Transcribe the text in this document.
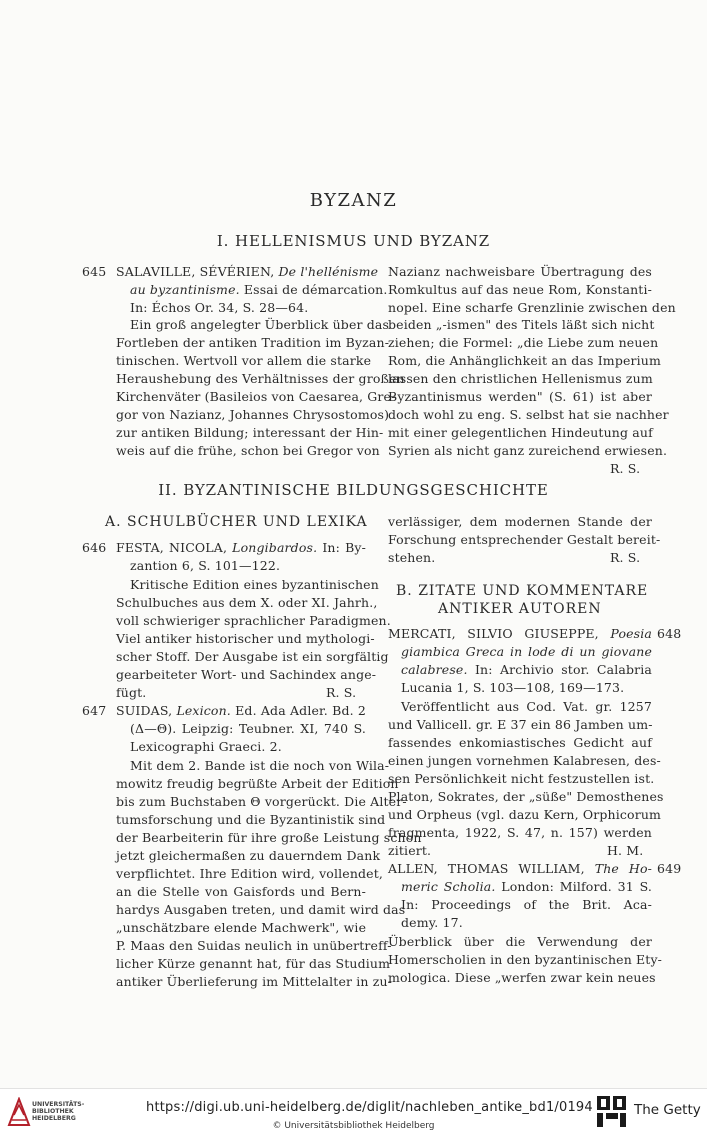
BYZANZ
I. HELLENISMUS UND BYZANZ
645 SALAVILLE, SÉVÉRIEN, De l'hellénisme
au byzantinisme. Essai de démarcation.
In: Échos Or. 34, S. 28—64.
Ein groß angelegter Überblick über das
Fortleben der antiken Tradition im Byzan-
tinischen. Wertvoll vor allem die starke
Heraushebung des Verhältnisses der großen
Kirchenväter (Basileios von Caesarea, Gre-
gor von Nazianz, Johannes Chrysostomos)
zur antiken Bildung; interessant der Hin-
weis auf die frühe, schon bei Gregor von
Nazianz nachweisbare Übertragung des
Romkultus auf das neue Rom, Konstanti-
nopel. Eine scharfe Grenzlinie zwischen den
beiden „-ismen" des Titels läßt sich nicht
ziehen; die Formel: „die Liebe zum neuen
Rom, die Anhänglichkeit an das Imperium
lassen den christlichen Hellenismus zum
Byzantinismus werden" (S. 61) ist aber
doch wohl zu eng. S. selbst hat sie nachher
mit einer gelegentlichen Hindeutung auf
Syrien als nicht ganz zureichend erwiesen.
R. S.
II. BYZANTINISCHE BILDUNGSGESCHICHTE
A. SCHULBÜCHER UND LEXIKA
646 FESTA, NICOLA, Longibardos. In: By-
zantion 6, S. 101—122.
Kritische Edition eines byzantinischen
Schulbuches aus dem X. oder XI. Jahrh.,
voll schwieriger sprachlicher Paradigmen.
Viel antiker historischer und mythologi-
scher Stoff. Der Ausgabe ist ein sorgfältig
gearbeiteter Wort- und Sachindex ange-
fügt.	R. S.
647 SUIDAS, Lexicon. Ed. Ada Adler. Bd. 2
(Δ—Θ). Leipzig: Teubner. XI, 740 S.
Lexicographi Graeci. 2.
Mit dem 2. Bande ist die noch von Wila-
mowitz freudig begrüßte Arbeit der Edition
bis zum Buchstaben Θ vorgerückt. Die Alter-
tumsforschung und die Byzantinistik sind
der Bearbeiterin für ihre große Leistung schon
jetzt gleichermaßen zu dauerndem Dank
verpflichtet. Ihre Edition wird, vollendet,
an die Stelle von Gaisfords und Bern-
hardys Ausgaben treten, und damit wird das
„unschätzbare elende Machwerk", wie
P. Maas den Suidas neulich in unübertreff-
licher Kürze genannt hat, für das Studium
antiker Überlieferung im Mittelalter in zu-
verlässiger, dem modernen Stande der
Forschung entsprechender Gestalt bereit-
stehen.	R. S.
B. ZITATE UND KOMMENTARE
ANTIKER AUTOREN
MERCATI, SILVIO GIUSEPPE, Poesia 648
giambica Greca in lode di un giovane
calabrese. In: Archivio stor. Calabria
Lucania 1, S. 103—108, 169—173.
Veröffentlicht aus Cod. Vat. gr. 1257
und Vallicell. gr. E 37 ein 86 Jamben um-
fassendes enkomiastisches Gedicht auf
einen jungen vornehmen Kalabresen, des-
sen Persönlichkeit nicht festzustellen ist.
Platon, Sokrates, der „süße" Demosthenes
und Orpheus (vgl. dazu Kern, Orphicorum
fragmenta, 1922, S. 47, n. 157) werden
zitiert.	H. M.
ALLEN, THOMAS WILLIAM, The Ho- 649
meric Scholia. London: Milford. 31 S.
In: Proceedings of the Brit. Aca-
demy. 17.
Überblick über die Verwendung der
Homerscholien in den byzantinischen Ety-
mologica. Diese „werfen zwar kein neues
UNIVERSITÄTS-
BIBLIOTHEK
HEIDELBERG
https://digi.ub.uni-heidelberg.de/diglit/nachleben_antike_bd1/0194
© Universitätsbibliothek Heidelberg
The Getty
